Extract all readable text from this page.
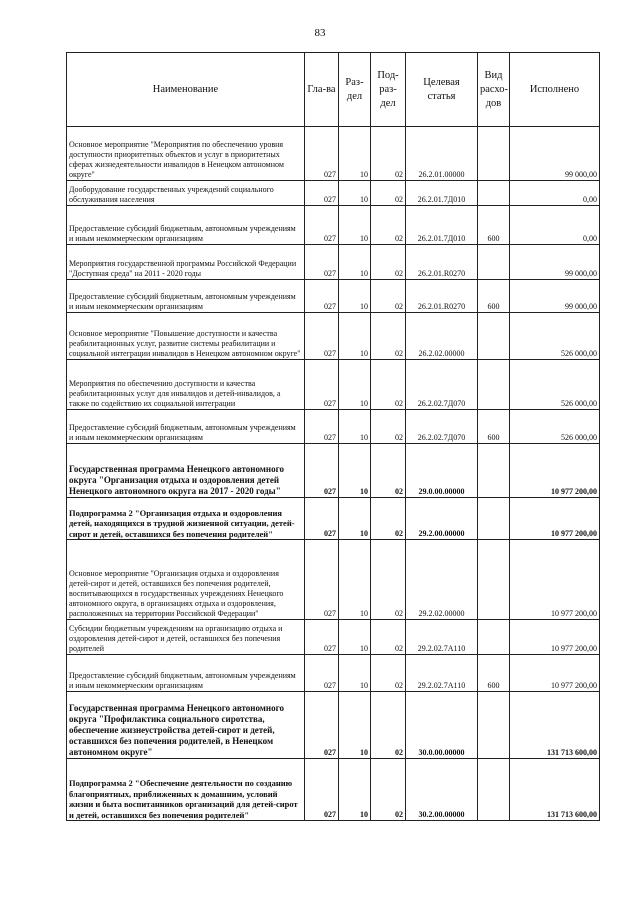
83
Наименование	Гла-ва	Раз-дел	Под-раз-дел	Целевая статья	Вид расхо-дов	Исполнено
Основное мероприятие "Мероприятия по обеспечению уровня доступности приоритетных объектов и услуг в приоритетных сферах жизнедеятельности инвалидов в Ненецком автономном округе"	027	10	02	26.2.01.00000		99 000,00
Дооборудование государственных учреждений социального обслуживания населения	027	10	02	26.2.01.7Д010		0,00
Предоставление субсидий бюджетным, автономным учреждениям и иным некоммерческим организациям	027	10	02	26.2.01.7Д010	600	0,00
Мероприятия государственной программы Российской Федерации "Доступная среда" на 2011 - 2020 годы	027	10	02	26.2.01.R0270		99 000,00
Предоставление субсидий бюджетным, автономным учреждениям и иным некоммерческим организациям	027	10	02	26.2.01.R0270	600	99 000,00
Основное мероприятие "Повышение доступности и качества реабилитационных услуг, развитие системы реабилитации и социальной интеграции инвалидов в Ненецком автономном округе"	027	10	02	26.2.02.00000		526 000,00
Мероприятия по обеспечению доступности и качества реабилитационных услуг для инвалидов и детей-инвалидов, а также по содействию их социальной интеграции	027	10	02	26.2.02.7Д070		526 000,00
Предоставление субсидий бюджетным, автономным учреждениям и иным некоммерческим организациям	027	10	02	26.2.02.7Д070	600	526 000,00
Государственная программа Ненецкого автономного округа "Организация отдыха и оздоровления детей Ненецкого автономного округа на 2017 - 2020 годы"	027	10	02	29.0.00.00000		10 977 200,00
Подпрограмма 2 "Организация отдыха и оздоровления детей, находящихся в трудной жизненной ситуации, детей-сирот и детей, оставшихся без попечения родителей"	027	10	02	29.2.00.00000		10 977 200,00
Основное мероприятие "Организация отдыха и оздоровления детей-сирот и детей, оставшихся без попечения родителей, воспитывающихся в государственных учреждениях Ненецкого автономного округа, в организациях отдыха и оздоровления, расположенных на территории Российской Федерации"	027	10	02	29.2.02.00000		10 977 200,00
Субсидии бюджетным учреждениям на организацию отдыха и оздоровления детей-сирот и детей, оставшихся без попечения родителей	027	10	02	29.2.02.7А110		10 977 200,00
Предоставление субсидий бюджетным, автономным учреждениям и иным некоммерческим организациям	027	10	02	29.2.02.7А110	600	10 977 200,00
Государственная программа Ненецкого автономного округа "Профилактика социального сиротства, обеспечение жизнеустройства детей-сирот и детей, оставшихся без попечения родителей, в Ненецком автономном округе"	027	10	02	30.0.00.00000		131 713 600,00
Подпрограмма 2 "Обеспечение деятельности по созданию благоприятных, приближенных к домашним, условий жизни и быта воспитанников организаций для детей-сирот и детей, оставшихся без попечения родителей"	027	10	02	30.2.00.00000		131 713 600,00
